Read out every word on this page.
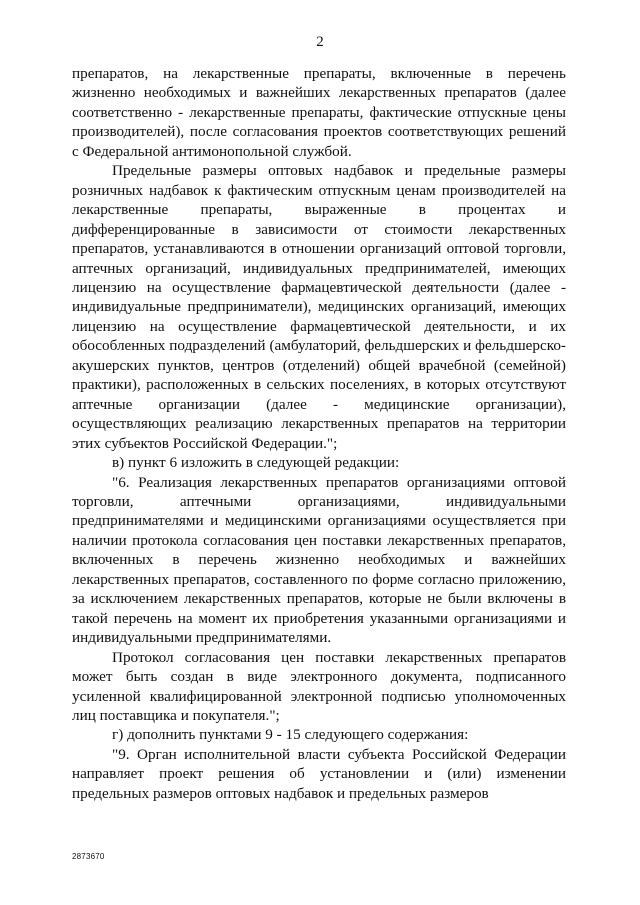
2

препаратов, на лекарственные препараты, включенные в перечень жизненно необходимых и важнейших лекарственных препаратов (далее соответственно - лекарственные препараты, фактические отпускные цены производителей), после согласования проектов соответствующих решений с Федеральной антимонопольной службой.

Предельные размеры оптовых надбавок и предельные размеры розничных надбавок к фактическим отпускным ценам производителей на лекарственные препараты, выраженные в процентах и дифференцированные в зависимости от стоимости лекарственных препаратов, устанавливаются в отношении организаций оптовой торговли, аптечных организаций, индивидуальных предпринимателей, имеющих лицензию на осуществление фармацевтической деятельности (далее - индивидуальные предприниматели), медицинских организаций, имеющих лицензию на осуществление фармацевтической деятельности, и их обособленных подразделений (амбулаторий, фельдшерских и фельдшерско-акушерских пунктов, центров (отделений) общей врачебной (семейной) практики), расположенных в сельских поселениях, в которых отсутствуют аптечные организации (далее - медицинские организации), осуществляющих реализацию лекарственных препаратов на территории этих субъектов Российской Федерации.";

в) пункт 6 изложить в следующей редакции:

"6. Реализация лекарственных препаратов организациями оптовой торговли, аптечными организациями, индивидуальными предпринимателями и медицинскими организациями осуществляется при наличии протокола согласования цен поставки лекарственных препаратов, включенных в перечень жизненно необходимых и важнейших лекарственных препаратов, составленного по форме согласно приложению, за исключением лекарственных препаратов, которые не были включены в такой перечень на момент их приобретения указанными организациями и индивидуальными предпринимателями.

Протокол согласования цен поставки лекарственных препаратов может быть создан в виде электронного документа, подписанного усиленной квалифицированной электронной подписью уполномоченных лиц поставщика и покупателя.";

г) дополнить пунктами 9 - 15 следующего содержания:

"9. Орган исполнительной власти субъекта Российской Федерации направляет проект решения об установлении и (или) изменении предельных размеров оптовых надбавок и предельных размеров

2873670
